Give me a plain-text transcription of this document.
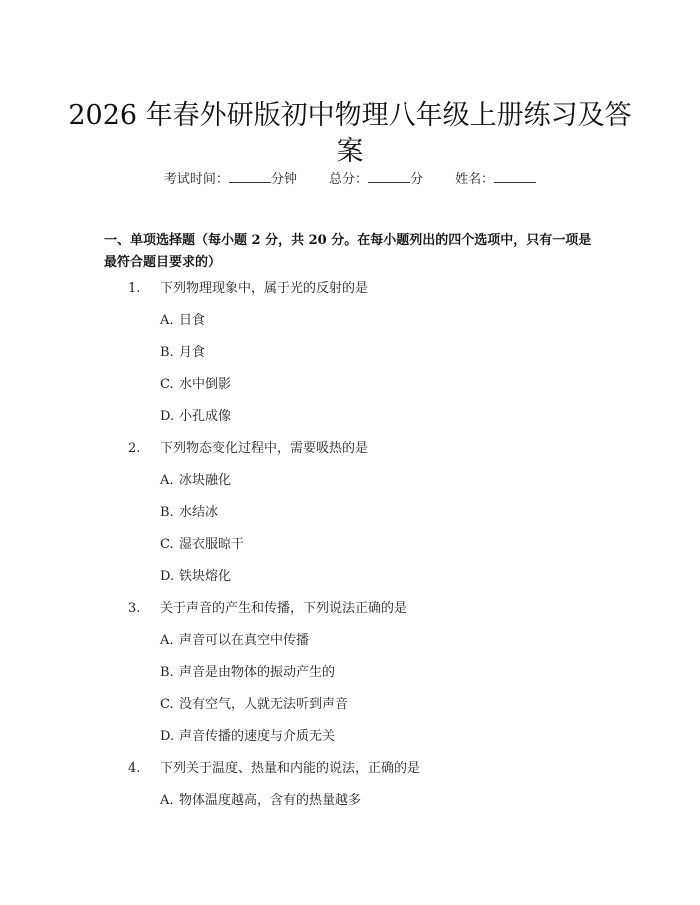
2026 年春外研版初中物理八年级上册练习及答案
考试时间：	分钟 总分：	分 姓名：
一、单项选择题（每小题 2 分，共 20 分。在每小题列出的四个选项中，只有一项是最符合题目要求的）
1. 下列物理现象中，属于光的反射的是
A. 日食
B. 月食
C. 水中倒影
D. 小孔成像
2. 下列物态变化过程中，需要吸热的是
A. 冰块融化
B. 水结冰
C. 湿衣服晾干
D. 铁块熔化
3. 关于声音的产生和传播，下列说法正确的是
A. 声音可以在真空中传播
B. 声音是由物体的振动产生的
C. 没有空气，人就无法听到声音
D. 声音传播的速度与介质无关
4. 下列关于温度、热量和内能的说法，正确的是
A. 物体温度越高，含有的热量越多
